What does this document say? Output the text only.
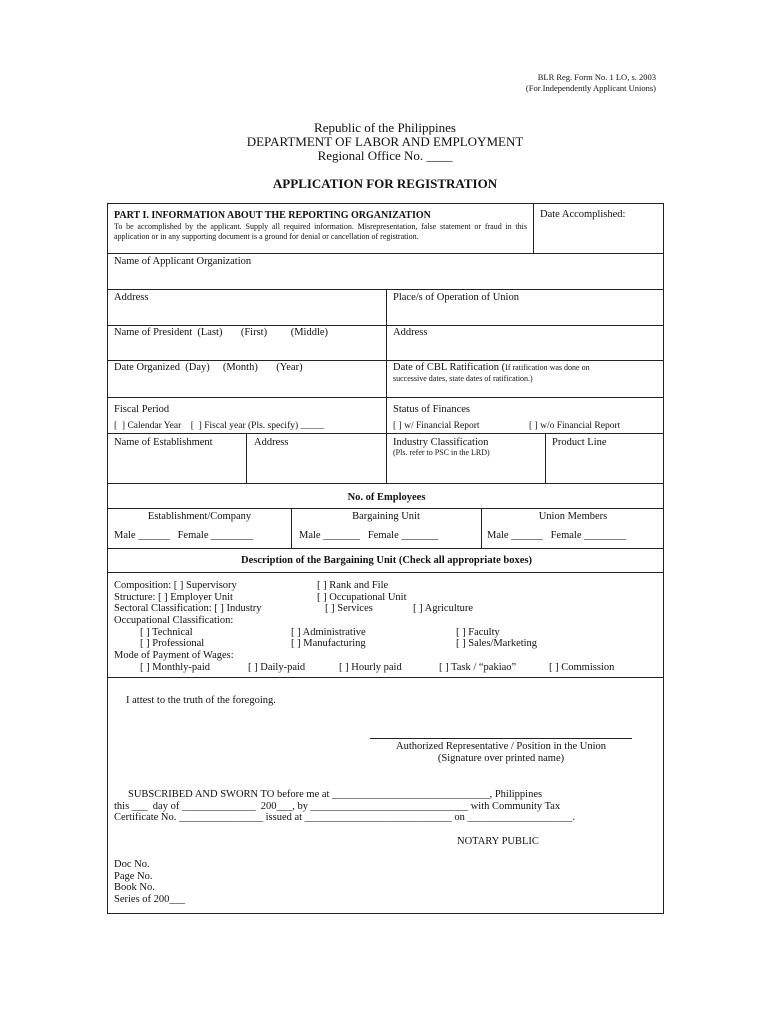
BLR Reg. Form No. 1 LO, s. 2003
(For Independently Applicant Unions)
Republic of the Philippines
DEPARTMENT OF LABOR AND EMPLOYMENT
Regional Office No. ____
APPLICATION FOR REGISTRATION
PART I. INFORMATION ABOUT THE REPORTING ORGANIZATION
To be accomplished by the applicant. Supply all required information. Misrepresentation, false statement or fraud in this application or in any supporting document is a ground for denial or cancellation of registration.
Date Accomplished:
Name of Applicant Organization
Address	Place/s of Operation of Union
Name of President  (Last)       (First)         (Middle)	Address
Date Organized  (Day)     (Month)       (Year)	Date of CBL Ratification (If ratification was done on
successive dates, state dates of ratification.)
Fiscal Period
[  ] Calendar Year    [  ] Fiscal year (Pls. specify) _____
Status of Finances
[ ] w/ Financial Report	[ ] w/o Financial Report
Name of Establishment	Address	Industry Classification
(Pls. refer to PSC in the LRD)
Product Line
No. of Employees
Establishment/Company	Bargaining Unit	Union Members
Male ______   Female ________	Male _______   Female _______	Male ______   Female ________
Description of the Bargaining Unit (Check all appropriate boxes)
Composition: [ ] Supervisory	[ ] Rank and File
Structure: [ ] Employer Unit	[ ] Occupational Unit
Sectoral Classification: [ ] Industry	[ ] Services	[ ] Agriculture
Occupational Classification:
[ ] Technical	[ ] Administrative	[ ] Faculty
[ ] Professional	[ ] Manufacturing	[ ] Sales/Marketing
Mode of Payment of Wages:
[ ] Monthly-paid	[ ] Daily-paid	[ ] Hourly paid	[ ] Task / “pakiao”	[ ] Commission
I attest to the truth of the foregoing.
Authorized Representative / Position in the Union
(Signature over printed name)
SUBSCRIBED AND SWORN TO before me at ______________________________, Philippines
this ___  day of ______________  200___, by ______________________________ with Community Tax
Certificate No. ________________ issued at ____________________________ on ____________________.
NOTARY PUBLIC
Doc No.
Page No.
Book No.
Series of 200___
